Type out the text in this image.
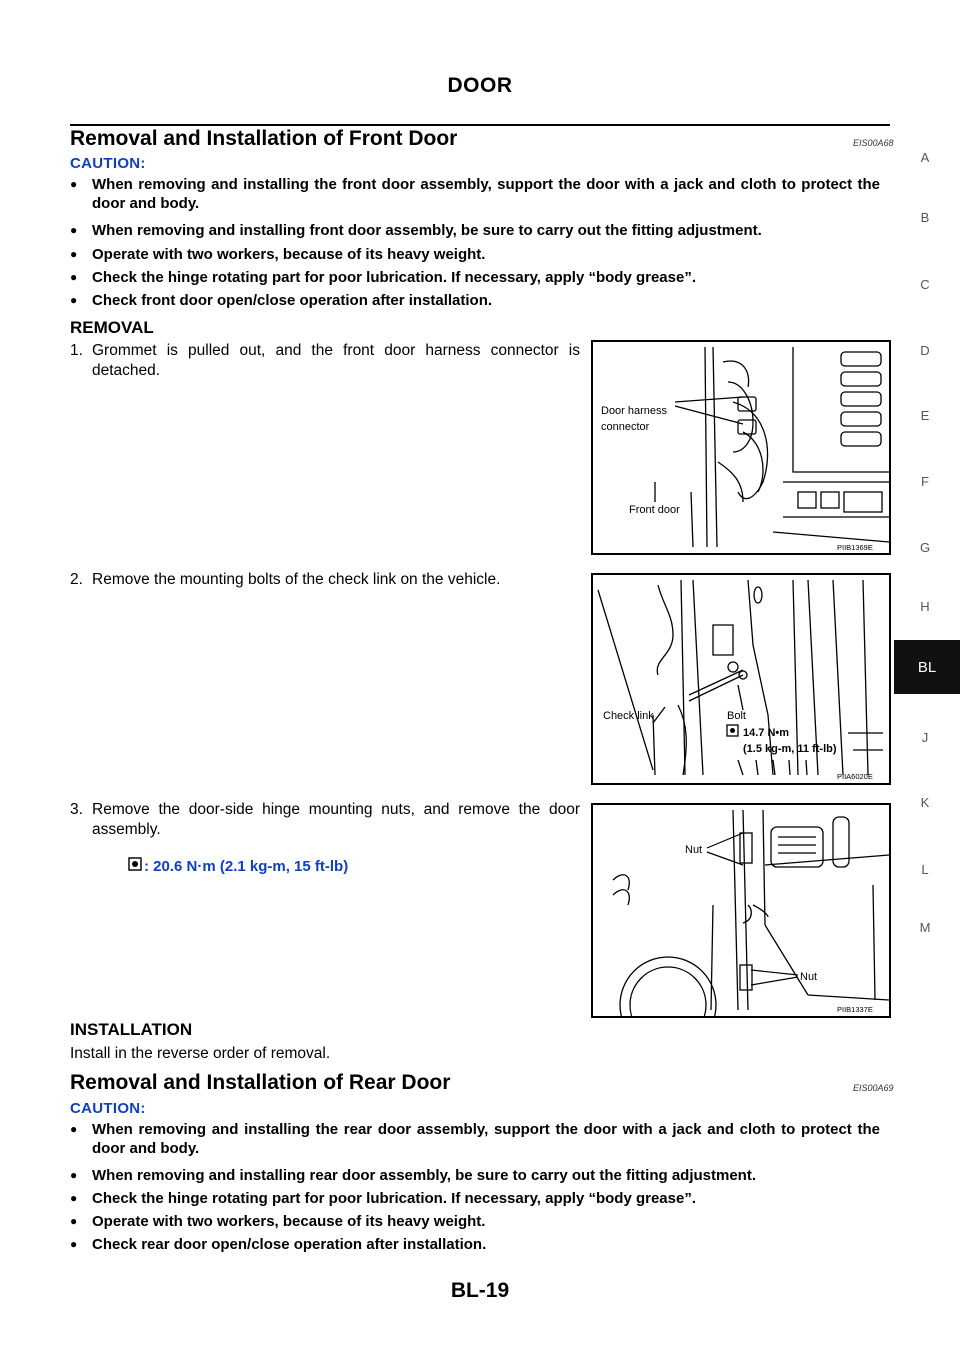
DOOR
Removal and Installation of Front Door	EIS00A68
CAUTION:
● When removing and installing the front door assembly, support the door with a jack and cloth to protect the door and body.
● When removing and installing front door assembly, be sure to carry out the fitting adjustment.
● Operate with two workers, because of its heavy weight.
● Check the hinge rotating part for poor lubrication. If necessary, apply “body grease”.
● Check front door open/close operation after installation.
REMOVAL
1. Grommet is pulled out, and the front door harness connector is detached.
Door harness
connector
Front door
PIIB1369E
2. Remove the mounting bolts of the check link on the vehicle.
Check link	Bolt
14.7 N•m
(1.5 kg-m, 11 ft-lb)
PIIA6020E
3. Remove the door-side hinge mounting nuts, and remove the door assembly.
: 20.6 N·m (2.1 kg-m, 15 ft-lb)
Nut
Nut
PIIB1337E
INSTALLATION
Install in the reverse order of removal.
Removal and Installation of Rear Door	EIS00A69
CAUTION:
● When removing and installing the rear door assembly, support the door with a jack and cloth to protect the door and body.
● When removing and installing rear door assembly, be sure to carry out the fitting adjustment.
● Check the hinge rotating part for poor lubrication. If necessary, apply “body grease”.
● Operate with two workers, because of its heavy weight.
● Check rear door open/close operation after installation.
A
B
C
D
E
F
G
H
BL
J
K
L
M
BL-19
